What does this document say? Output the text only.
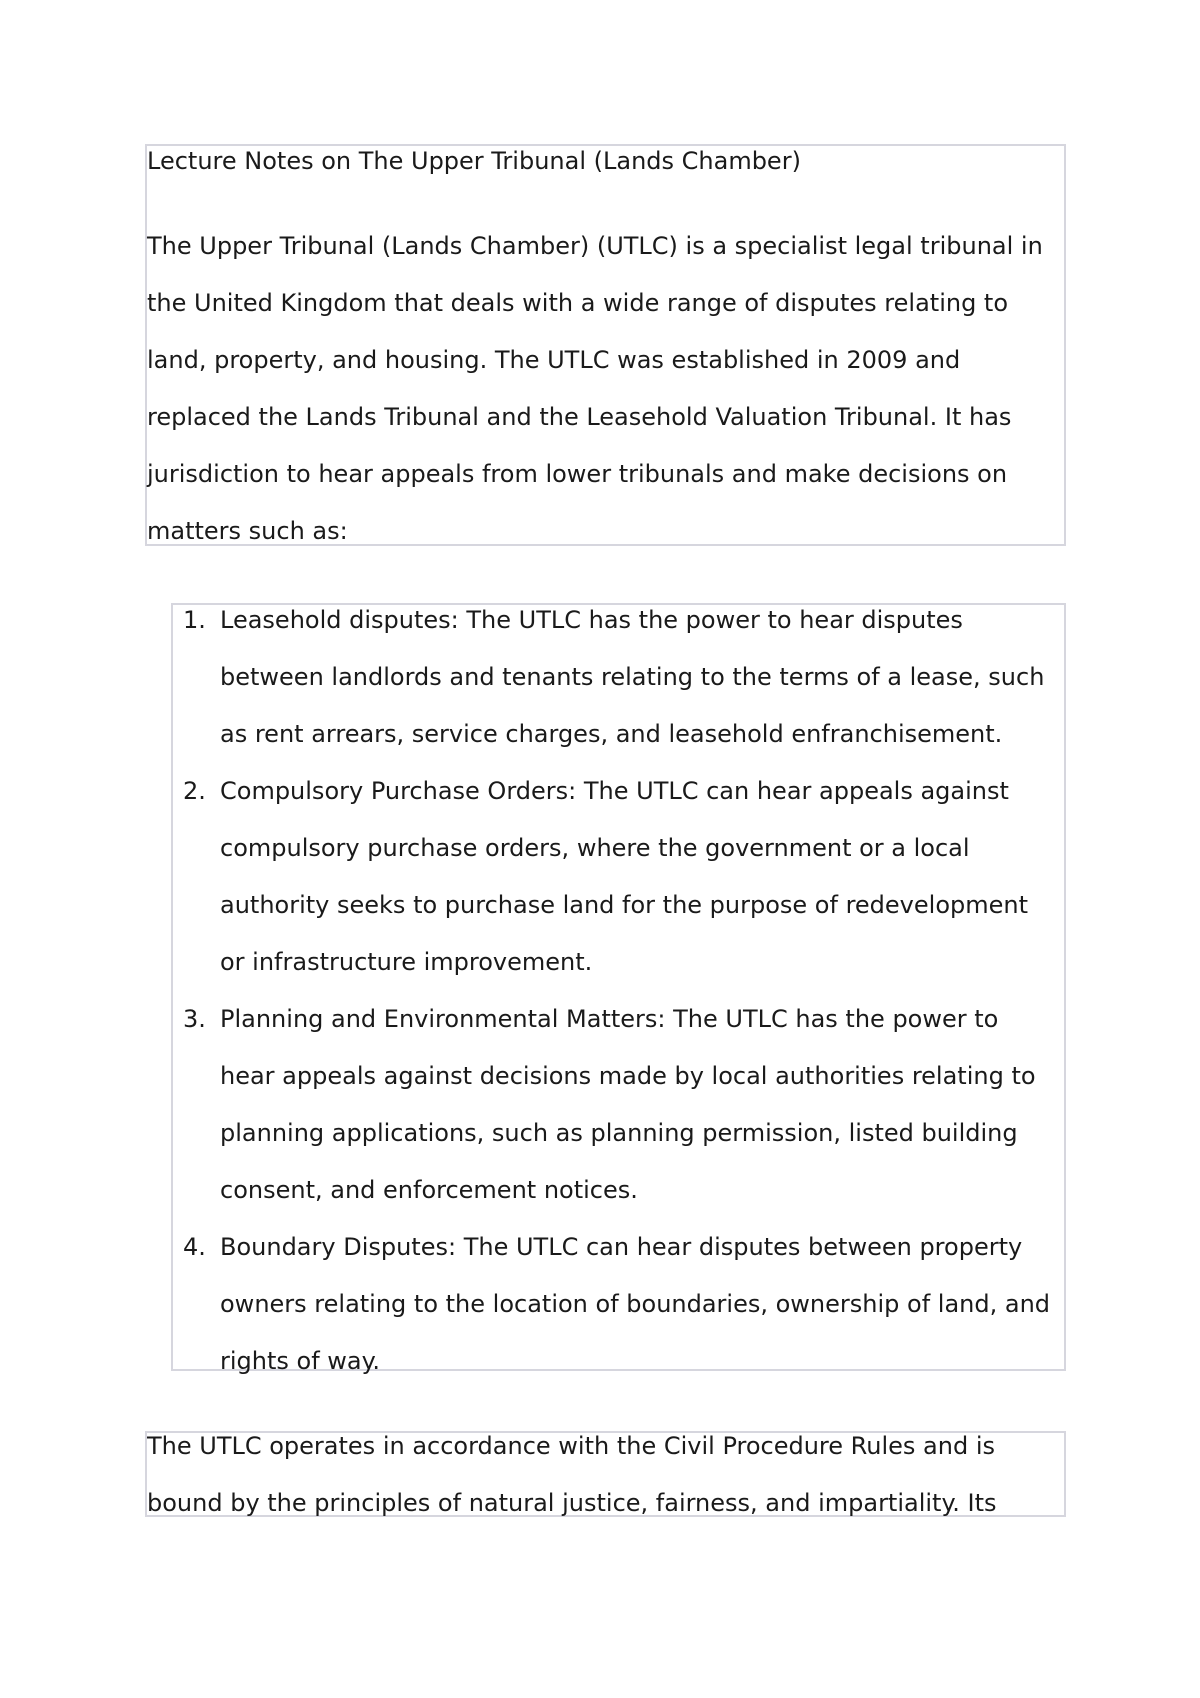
Lecture Notes on The Upper Tribunal (Lands Chamber)

The Upper Tribunal (Lands Chamber) (UTLC) is a specialist legal tribunal in
the United Kingdom that deals with a wide range of disputes relating to
land, property, and housing. The UTLC was established in 2009 and
replaced the Lands Tribunal and the Leasehold Valuation Tribunal. It has
jurisdiction to hear appeals from lower tribunals and make decisions on
matters such as:

1. Leasehold disputes: The UTLC has the power to hear disputes
between landlords and tenants relating to the terms of a lease, such
as rent arrears, service charges, and leasehold enfranchisement.
2. Compulsory Purchase Orders: The UTLC can hear appeals against
compulsory purchase orders, where the government or a local
authority seeks to purchase land for the purpose of redevelopment
or infrastructure improvement.
3. Planning and Environmental Matters: The UTLC has the power to
hear appeals against decisions made by local authorities relating to
planning applications, such as planning permission, listed building
consent, and enforcement notices.
4. Boundary Disputes: The UTLC can hear disputes between property
owners relating to the location of boundaries, ownership of land, and
rights of way.

The UTLC operates in accordance with the Civil Procedure Rules and is
bound by the principles of natural justice, fairness, and impartiality. Its
